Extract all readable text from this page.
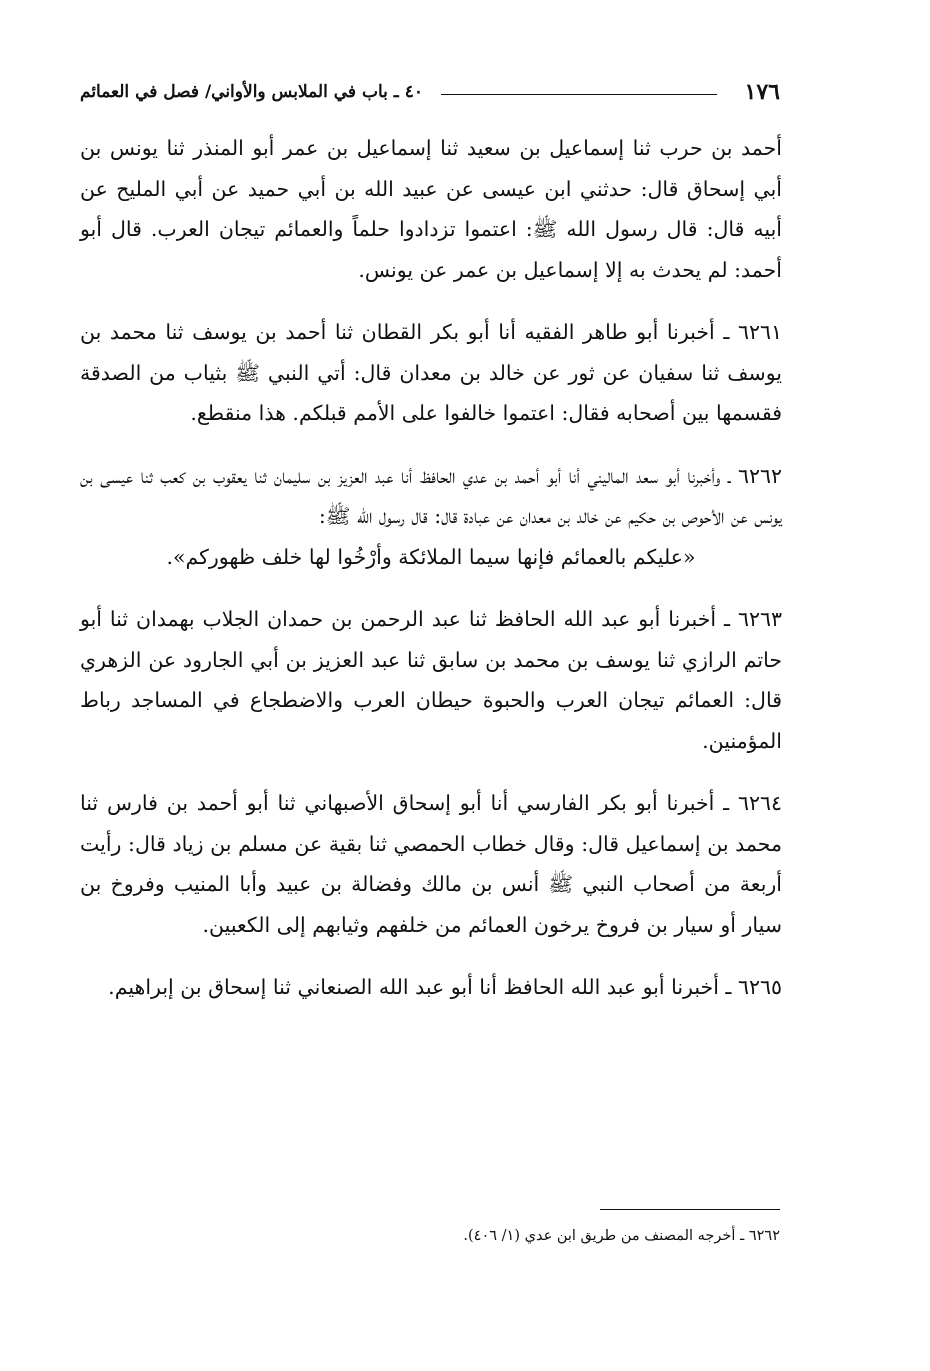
١٧٦
٤٠ ـ باب في الملابس والأواني/ فصل في العمائم

أحمد بن حرب ثنا إسماعيل بن سعيد ثنا إسماعيل بن عمر أبو المنذر ثنا يونس بن أبي إسحاق قال: حدثني ابن عيسى عن عبيد الله بن أبي حميد عن أبي المليح عن أبيه قال: قال رسول الله ﷺ: اعتموا تزدادوا حلماً والعمائم تيجان العرب. قال أبو أحمد: لم يحدث به إلا إسماعيل بن عمر عن يونس.

٦٢٦١ ـ أخبرنا أبو طاهر الفقيه أنا أبو بكر القطان ثنا أحمد بن يوسف ثنا محمد بن يوسف ثنا سفيان عن ثور عن خالد بن معدان قال: أتي النبي ﷺ بثياب من الصدقة فقسمها بين أصحابه فقال: اعتموا خالفوا على الأمم قبلكم. هذا منقطع.

٦٢٦٢ ـ وأخبرنا أبو سعد الماليني أنا أبو أحمد بن عدي الحافظ أنا عبد العزيز بن سليمان ثنا يعقوب بن كعب ثنا عيسى بن يونس عن الأحوص بن حكيم عن خالد بن معدان عن عبادة قال: قال رسول الله ﷺ:

«عليكم بالعمائم فإنها سيما الملائكة وأرْخُوا لها خلف ظهوركم».

٦٢٦٣ ـ أخبرنا أبو عبد الله الحافظ ثنا عبد الرحمن بن حمدان الجلاب بهمدان ثنا أبو حاتم الرازي ثنا يوسف بن محمد بن سابق ثنا عبد العزيز بن أبي الجارود عن الزهري قال: العمائم تيجان العرب والحبوة حيطان العرب والاضطجاع في المساجد رباط المؤمنين.

٦٢٦٤ ـ أخبرنا أبو بكر الفارسي أنا أبو إسحاق الأصبهاني ثنا أبو أحمد بن فارس ثنا محمد بن إسماعيل قال: وقال خطاب الحمصي ثنا بقية عن مسلم بن زياد قال: رأيت أربعة من أصحاب النبي ﷺ أنس بن مالك وفضالة بن عبيد وأبا المنيب وفروخ بن سيار أو سيار بن فروخ يرخون العمائم من خلفهم وثيابهم إلى الكعبين.

٦٢٦٥ ـ أخبرنا أبو عبد الله الحافظ أنا أبو عبد الله الصنعاني ثنا إسحاق بن إبراهيم.

٦٢٦٢ ـ أخرجه المصنف من طريق ابن عدي (١/ ٤٠٦).
